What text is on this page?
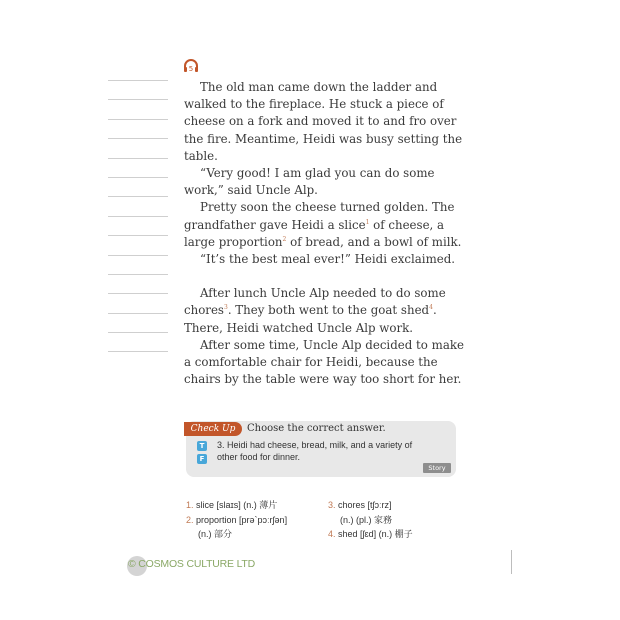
5

The old man came down the ladder and walked to the fireplace. He stuck a piece of cheese on a fork and moved it to and fro over the fire. Meantime, Heidi was busy setting the table.

“Very good! I am glad you can do some work,” said Uncle Alp.

Pretty soon the cheese turned golden. The grandfather gave Heidi a slice$^1$ of cheese, a large proportion$^2$ of bread, and a bowl of milk.

“It’s the best meal ever!” Heidi exclaimed.

After lunch Uncle Alp needed to do some chores$^3$. They both went to the goat shed$^4$. There, Heidi watched Uncle Alp work.

After some time, Uncle Alp decided to make a comfortable chair for Heidi, because the chairs by the table were way too short for her.

Check Up	Choose the correct answer.
T
F
3. Heidi had cheese, bread, milk, and a variety of other food for dinner.
Story
1. slice [slaɪs] (n.) 薄片
2. proportion [prə`pɔːrʃən]
(n.) 部分
3. chores [tʃɔːrz]
(n.) (pl.) 家務
4. shed [ʃɛd] (n.) 棚子
© COSMOS CULTURE LTD
